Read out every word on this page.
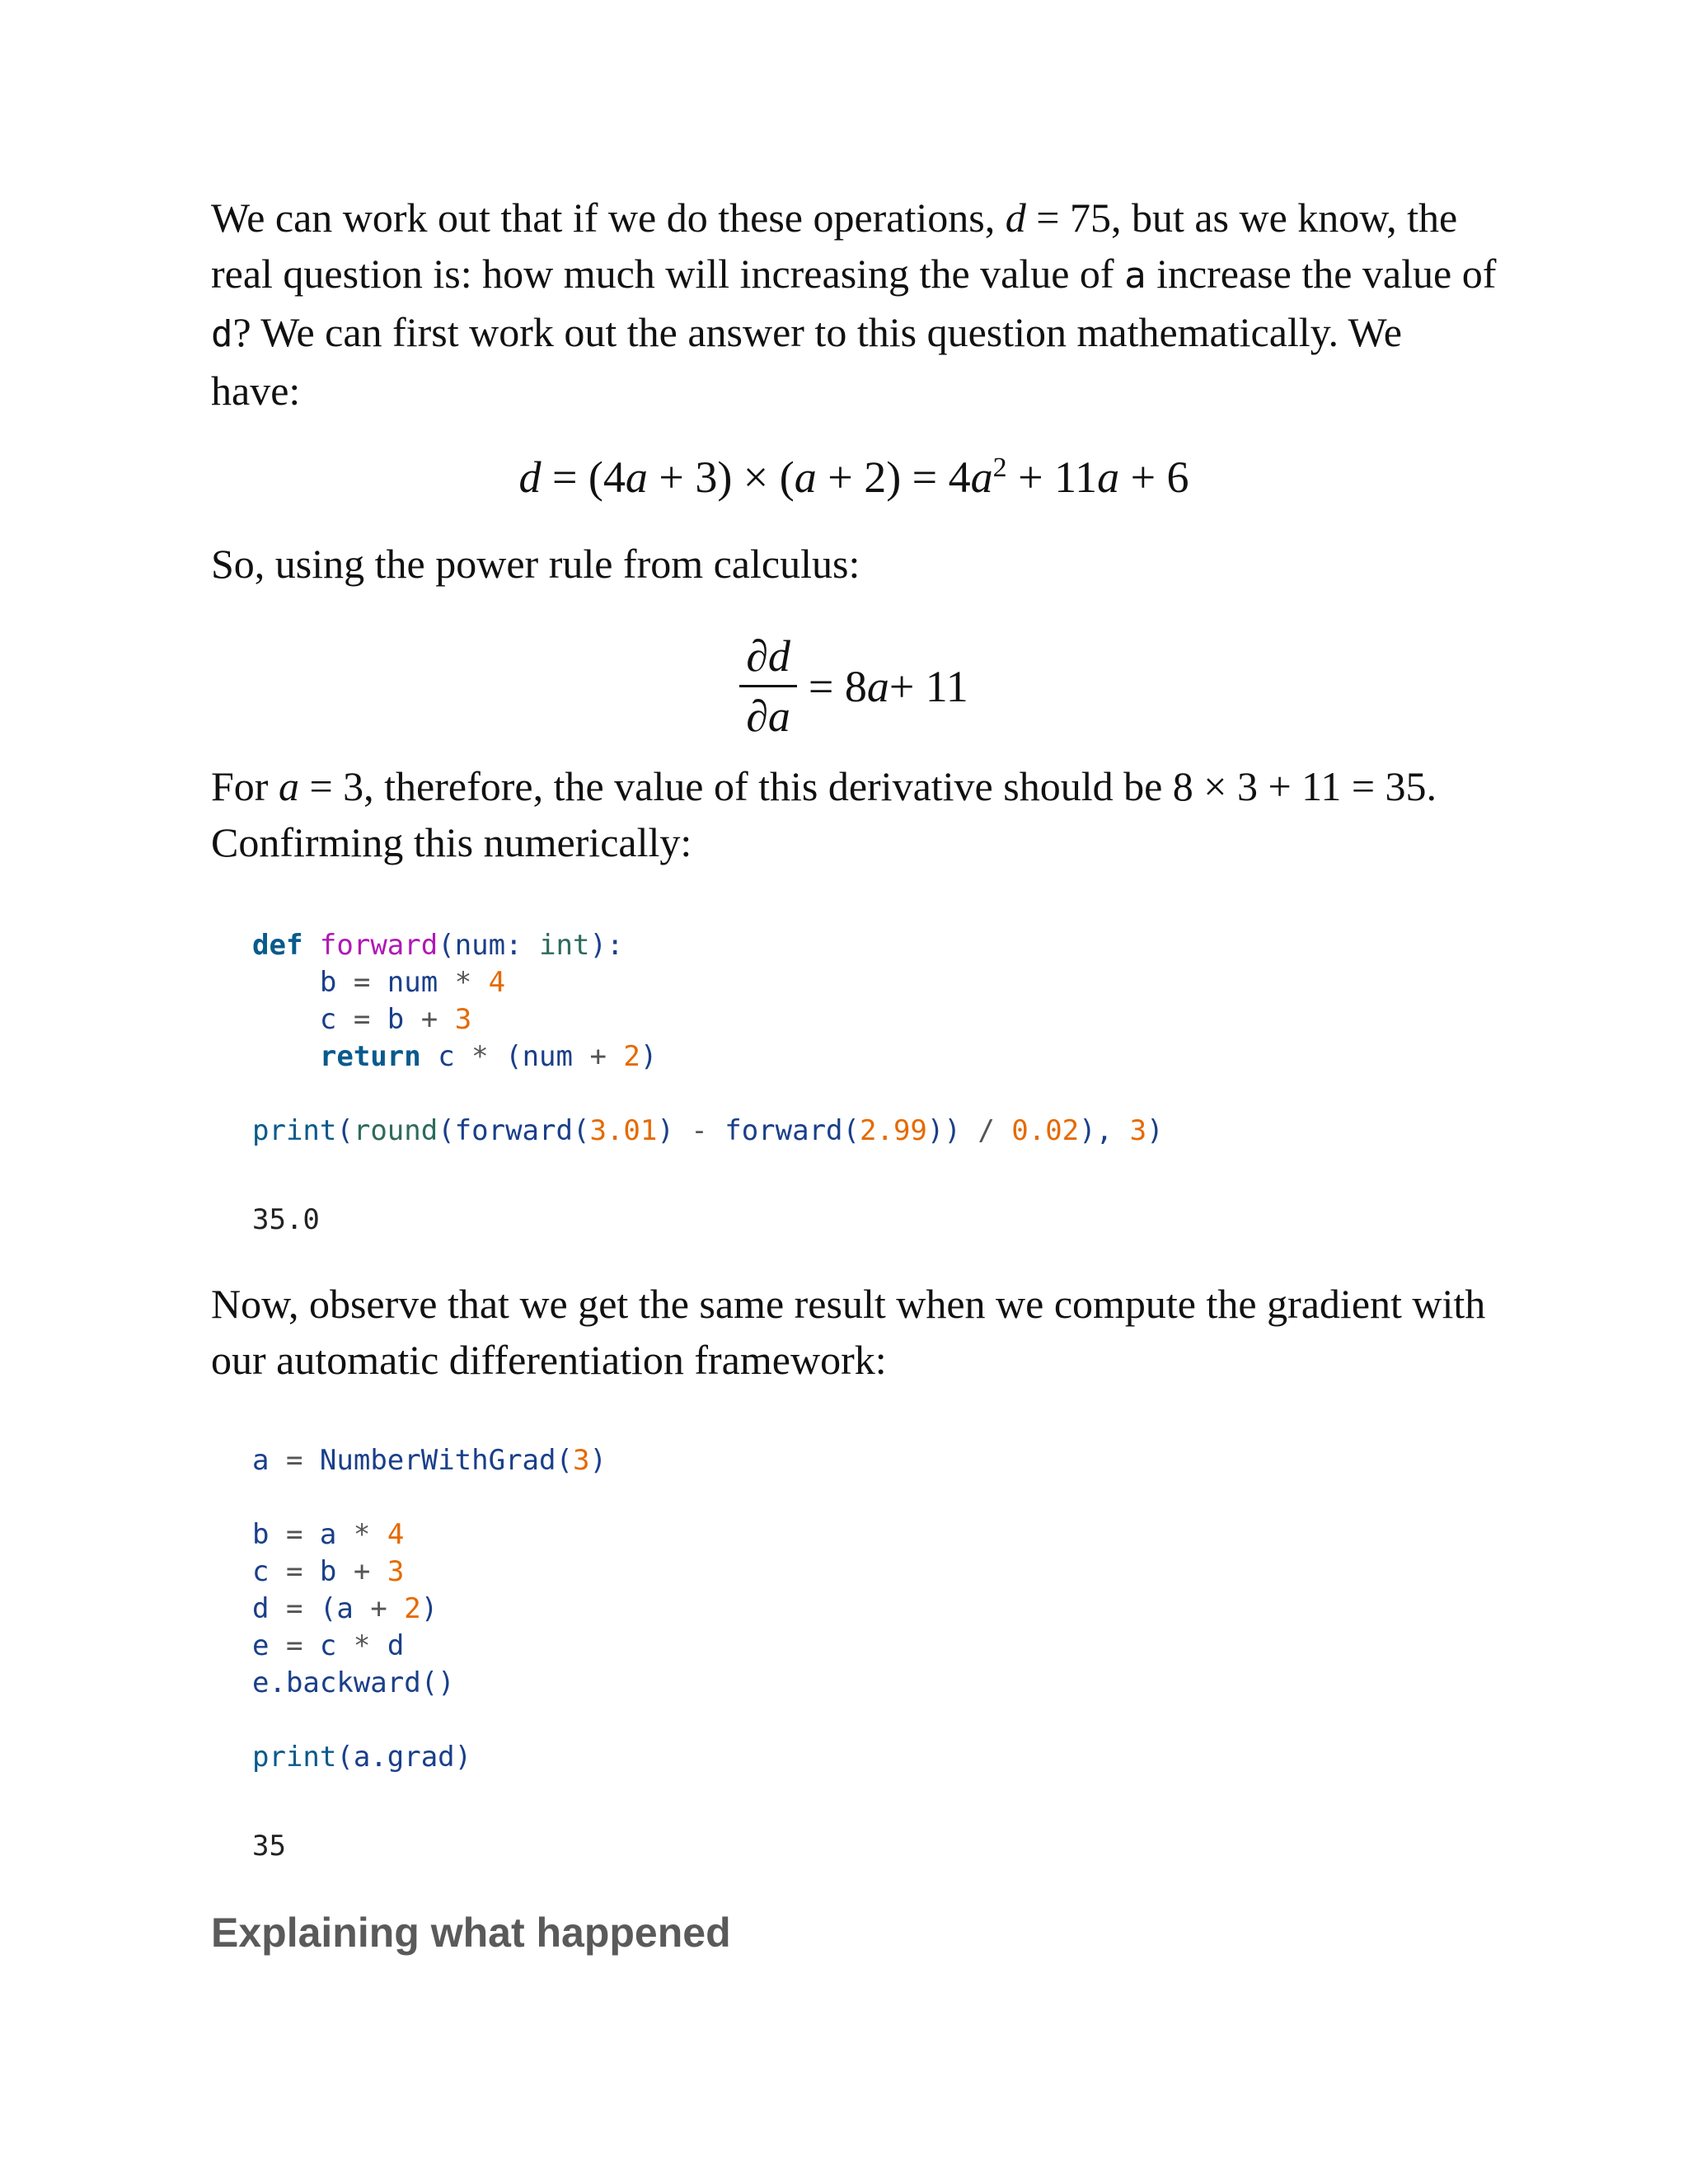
We can work out that if we do these operations, d = 75, but as we know, the real question is: how much will increasing the value of a increase the value of d? We can first work out the answer to this question mathematically. We have:

$d = (4a + 3) \times (a + 2) = 4a^2 + 11a + 6$

So, using the power rule from calculus:

$\frac{\partial d}{\partial a} = 8$ a + 11

For a = 3, therefore, the value of this derivative should be 8 × 3 + 11 = 35.
Confirming this numerically:

def forward(num: int):
b = num * 4
c = b + 3
return c * (num + 2)

print(round(forward(3.01) - forward(2.99)) / 0.02), 3)

35.0

Now, observe that we get the same result when we compute the gradient with our automatic differentiation framework:

a = NumberWithGrad(3)

b = a * 4
c = b + 3
d = (a + 2)
e = c * d
e.backward()

print(a.grad)

35

Explaining what happened
